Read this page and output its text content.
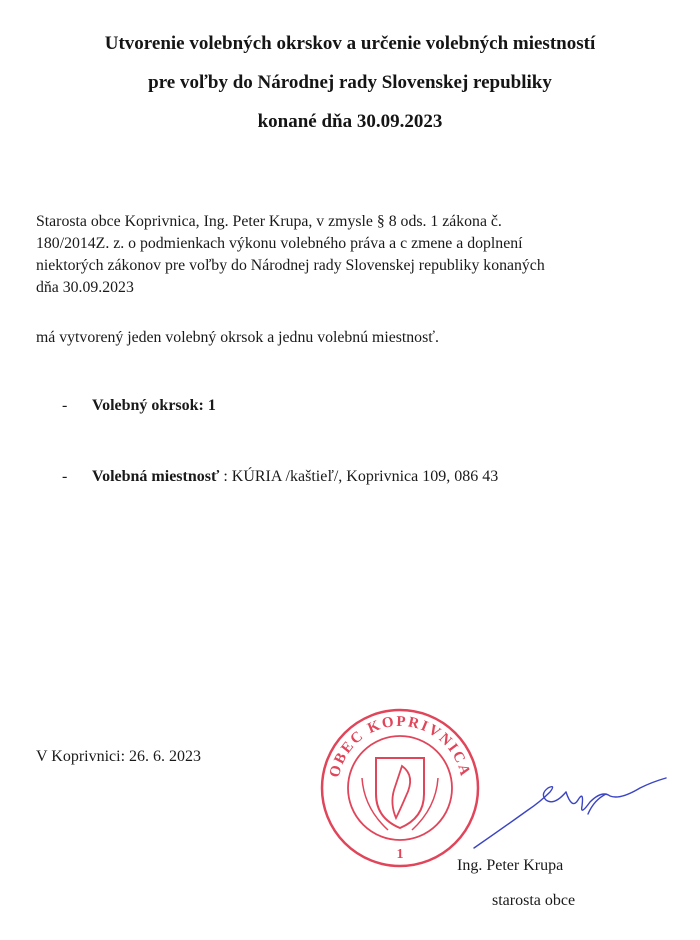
Utvorenie volebných okrskov a určenie volebných miestností
pre voľby do Národnej rady Slovenskej republiky
konané dňa 30.09.2023
Starosta obce Koprivnica, Ing. Peter Krupa, v zmysle § 8 ods. 1 zákona č.
180/2014Z. z. o podmienkach výkonu volebného práva a c zmene a doplnení
niektorých zákonov pre voľby do Národnej rady Slovenskej republiky konaných
dňa 30.09.2023
má vytvorený jeden volebný okrsok a jednu volebnú miestnosť.
- Volebný okrsok: 1
- Volebná miestnosť : KÚRIA /kaštieľ/, Koprivnica 109, 086 43
V Koprivnici: 26. 6. 2023
OBEC KOPRIVNICA
1
Ing. Peter Krupa
starosta obce
